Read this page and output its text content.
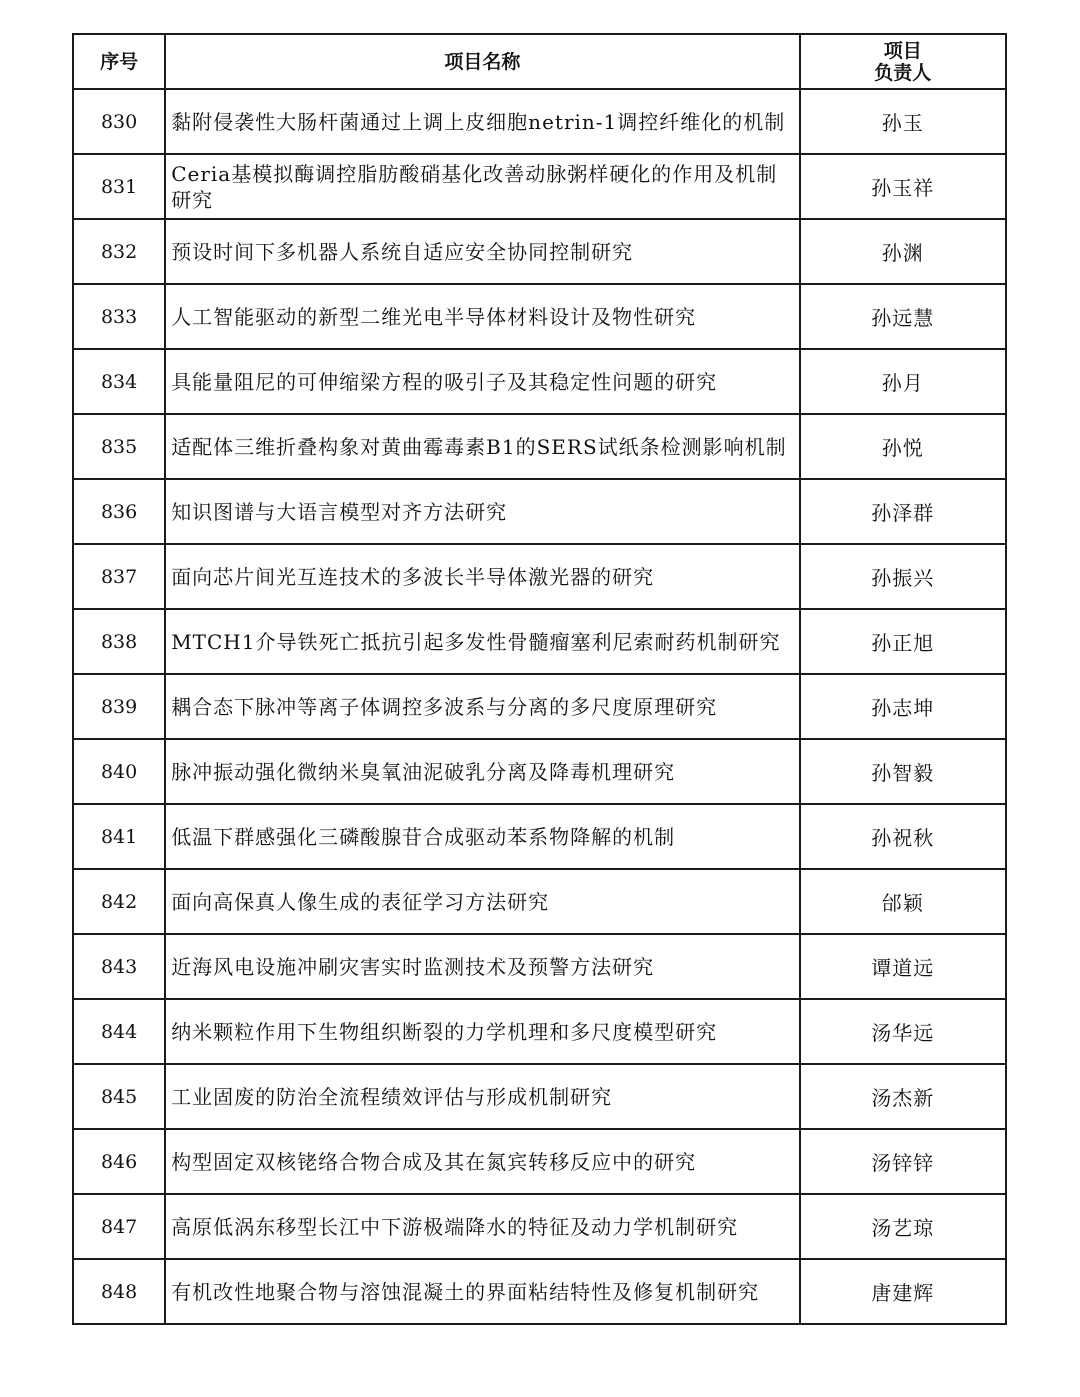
序号	项目名称	项目
负责人

830	黏附侵袭性大肠杆菌通过上调上皮细胞netrin-1调控纤维化的机制	孙玉
831	Ceria基模拟酶调控脂肪酸硝基化改善动脉粥样硬化的作用及机制研究	孙玉祥
832	预设时间下多机器人系统自适应安全协同控制研究	孙渊
833	人工智能驱动的新型二维光电半导体材料设计及物性研究	孙远慧
834	具能量阻尼的可伸缩梁方程的吸引子及其稳定性问题的研究	孙月
835	适配体三维折叠构象对黄曲霉毒素B1的SERS试纸条检测影响机制	孙悦
836	知识图谱与大语言模型对齐方法研究	孙泽群
837	面向芯片间光互连技术的多波长半导体激光器的研究	孙振兴
838	MTCH1介导铁死亡抵抗引起多发性骨髓瘤塞利尼索耐药机制研究	孙正旭
839	耦合态下脉冲等离子体调控多波系与分离的多尺度原理研究	孙志坤
840	脉冲振动强化微纳米臭氧油泥破乳分离及降毒机理研究	孙智毅
841	低温下群感强化三磷酸腺苷合成驱动苯系物降解的机制	孙祝秋
842	面向高保真人像生成的表征学习方法研究	邰颖
843	近海风电设施冲刷灾害实时监测技术及预警方法研究	谭道远
844	纳米颗粒作用下生物组织断裂的力学机理和多尺度模型研究	汤华远
845	工业固废的防治全流程绩效评估与形成机制研究	汤杰新
846	构型固定双核铑络合物合成及其在氮宾转移反应中的研究	汤锌锌
847	高原低涡东移型长江中下游极端降水的特征及动力学机制研究	汤艺琼
848	有机改性地聚合物与溶蚀混凝土的界面粘结特性及修复机制研究	唐建辉
